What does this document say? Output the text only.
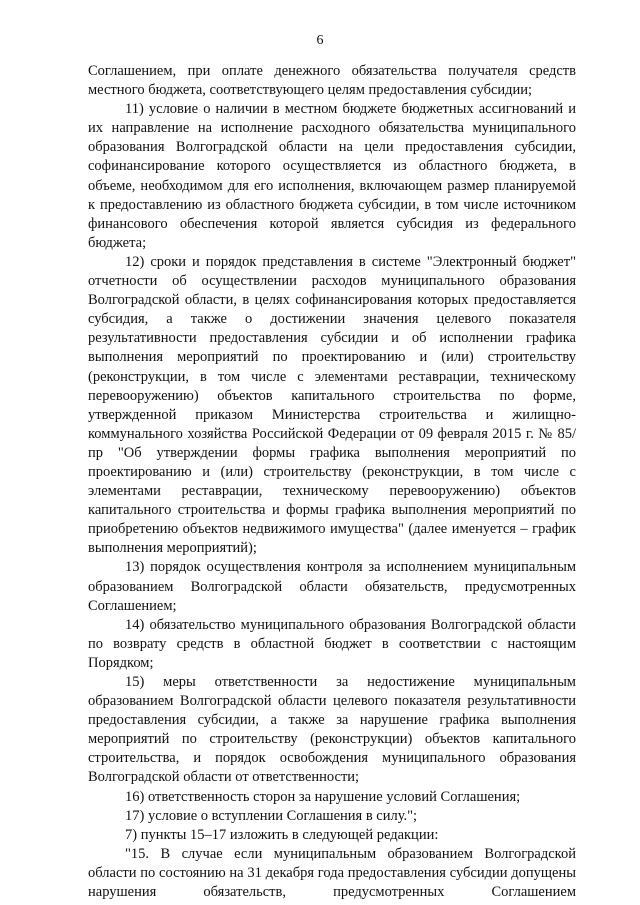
6

Соглашением, при оплате денежного обязательства получателя средств местного бюджета, соответствующего целям предоставления субсидии;

11) условие о наличии в местном бюджете бюджетных ассигнований и их направление на исполнение расходного обязательства муниципального образования Волгоградской области на цели предоставления субсидии, софинансирование которого осуществляется из областного бюджета, в объеме, необходимом для его исполнения, включающем размер планируемой к предоставлению из областного бюджета субсидии, в том числе источником финансового обеспечения которой является субсидия из федерального бюджета;

12) сроки и порядок представления в системе "Электронный бюджет" отчетности об осуществлении расходов муниципального образования Волгоградской области, в целях софинансирования которых предоставляется субсидия, а также о достижении значения целевого показателя результативности предоставления субсидии и об исполнении графика выполнения мероприятий по проектированию и (или) строительству (реконструкции, в том числе с элементами реставрации, техническому перевооружению) объектов капитального строительства по форме, утвержденной приказом Министерства строительства и жилищно-коммунального хозяйства Российской Федерации от 09 февраля 2015 г. № 85/пр "Об утверждении формы графика выполнения мероприятий по проектированию и (или) строительству (реконструкции, в том числе с элементами реставрации, техническому перевооружению) объектов капитального строительства и формы графика выполнения мероприятий по приобретению объектов недвижимого имущества" (далее именуется – график выполнения мероприятий);

13) порядок осуществления контроля за исполнением муниципальным образованием Волгоградской области обязательств, предусмотренных Соглашением;

14) обязательство муниципального образования Волгоградской области по возврату средств в областной бюджет в соответствии с настоящим Порядком;

15) меры ответственности за недостижение муниципальным образованием Волгоградской области целевого показателя результативности предоставления субсидии, а также за нарушение графика выполнения мероприятий по строительству (реконструкции) объектов капитального строительства, и порядок освобождения муниципального образования Волгоградской области от ответственности;

16) ответственность сторон за нарушение условий Соглашения;

17) условие о вступлении Соглашения в силу.";

7) пункты 15–17 изложить в следующей редакции:

"15. В случае если муниципальным образованием Волгоградской области по состоянию на 31 декабря года предоставления субсидии допущены нарушения обязательств, предусмотренных Соглашением
